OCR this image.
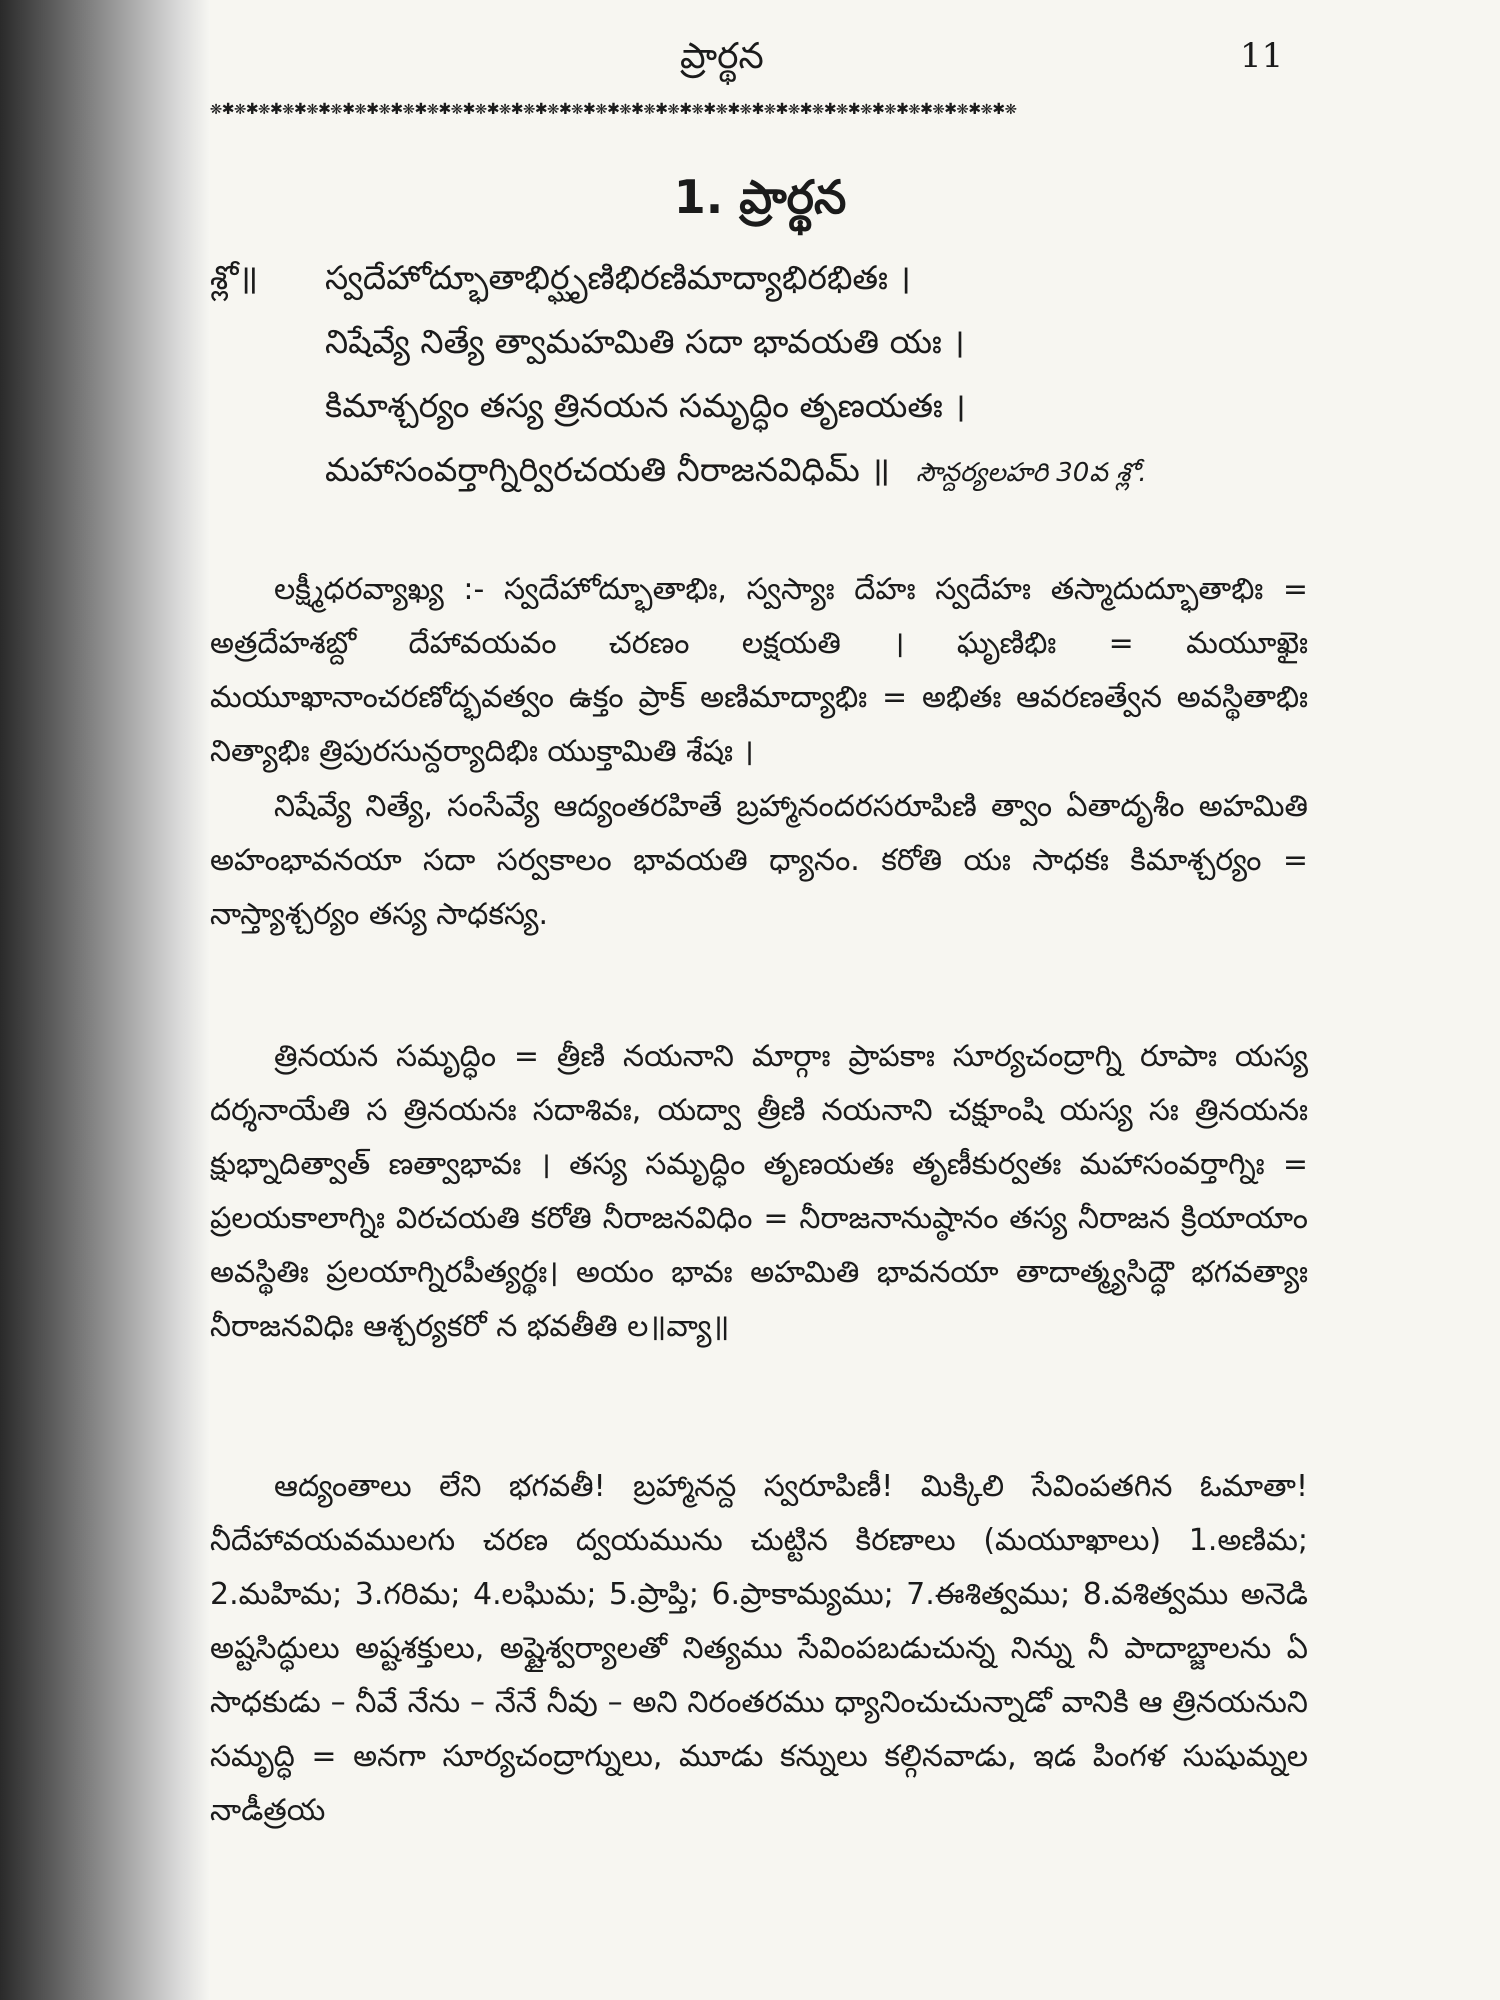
ప్రార్థన	11
❋✱❋✱❋✱❋✱❋✱❋✱❋✱❋✱❋✱❋✱❋✱❋✱❋✱❋✱❋✱❋✱❋✱❋✱❋✱❋✱❋✱❋✱❋✱❋✱❋✱❋✱❋✱❋✱❋✱❋✱❋✱❋✱❋✱❋
1. ప్రార్థన
శ్లో॥ స్వదేహోద్భూతాభిర్ఘృణిభిరణిమాద్యాభిరభితః ।
నిషేవ్యే నిత్యే త్వామహమితి సదా భావయతి యః ।
కిమాశ్చర్యం తస్య త్రినయన సమృద్ధిం తృణయతః ।
మహాసంవర్తాగ్నిర్విరచయతి నీరాజనవిధిమ్ ॥ సౌన్దర్యలహరి 30వ శ్లో.

లక్ష్మీధరవ్యాఖ్య :- స్వదేహోద్భూతాభిః, స్వస్యాః దేహః స్వదేహః తస్మాదుద్భూతాభిః = అత్రదేహశబ్దో దేహావయవం చరణం లక్షయతి । ఘృణిభిః = మయూఖైః మయూఖానాంచరణోద్భవత్వం ఉక్తం ప్రాక్ అణిమాద్యాభిః = అభితః ఆవరణత్వేన అవస్థితాభిః నిత్యాభిః త్రిపురసున్దర్యాదిభిః యుక్తామితి శేషః ।

నిషేవ్యే నిత్యే, సంసేవ్యే ఆద్యంతరహితే బ్రహ్మానందరసరూపిణి త్వాం ఏతాదృశీం అహమితి అహంభావనయా సదా సర్వకాలం భావయతి ధ్యానం. కరోతి యః సాధకః కిమాశ్చర్యం = నాస్త్యాశ్చర్యం తస్య సాధకస్య.

త్రినయన సమృద్ధిం = త్రీణి నయనాని మార్గాః ప్రాపకాః సూర్యచంద్రాగ్ని రూపాః యస్య దర్శనాయేతి స త్రినయనః సదాశివః, యద్వా త్రీణి నయనాని చక్షూంషి యస్య సః త్రినయనః క్షుభ్నాదిత్వాత్ ణత్వాభావః । తస్య సమృద్ధిం తృణయతః తృణీకుర్వతః మహాసంవర్తాగ్నిః = ప్రలయకాలాగ్నిః విరచయతి కరోతి నీరాజనవిధిం = నీరాజనానుష్ఠానం తస్య నీరాజన క్రియాయాం అవస్థితిః ప్రలయాగ్నిరపీత్యర్థః। అయం భావః అహమితి భావనయా తాదాత్మ్యసిద్ధౌ భగవత్యాః నీరాజనవిధిః ఆశ్చర్యకరో న భవతీతి ల॥వ్యా॥

ఆద్యంతాలు లేని భగవతీ! బ్రహ్మానన్ద స్వరూపిణీ! మిక్కిలి సేవింపతగిన ఓమాతా! నీదేహావయవములగు చరణ ద్వయమును చుట్టిన కిరణాలు (మయూఖాలు) 1.అణిమ; 2.మహిమ; 3.గరిమ; 4.లఘిమ; 5.ప్రాప్తి; 6.ప్రాకామ్యము; 7.ఈశిత్వము; 8.వశిత్వము అనెడి అష్టసిద్ధులు అష్టశక్తులు, అష్టైశ్వర్యాలతో నిత్యము సేవింపబడుచున్న నిన్ను నీ పాదాబ్జాలను ఏ సాధకుడు – నీవే నేను – నేనే నీవు – అని నిరంతరము ధ్యానించుచున్నాడో వానికి ఆ త్రినయనుని సమృద్ధి = అనగా సూర్యచంద్రాగ్నులు, మూడు కన్నులు కల్గినవాడు, ఇడ పింగళ సుషుమ్నల నాడీత్రయ
